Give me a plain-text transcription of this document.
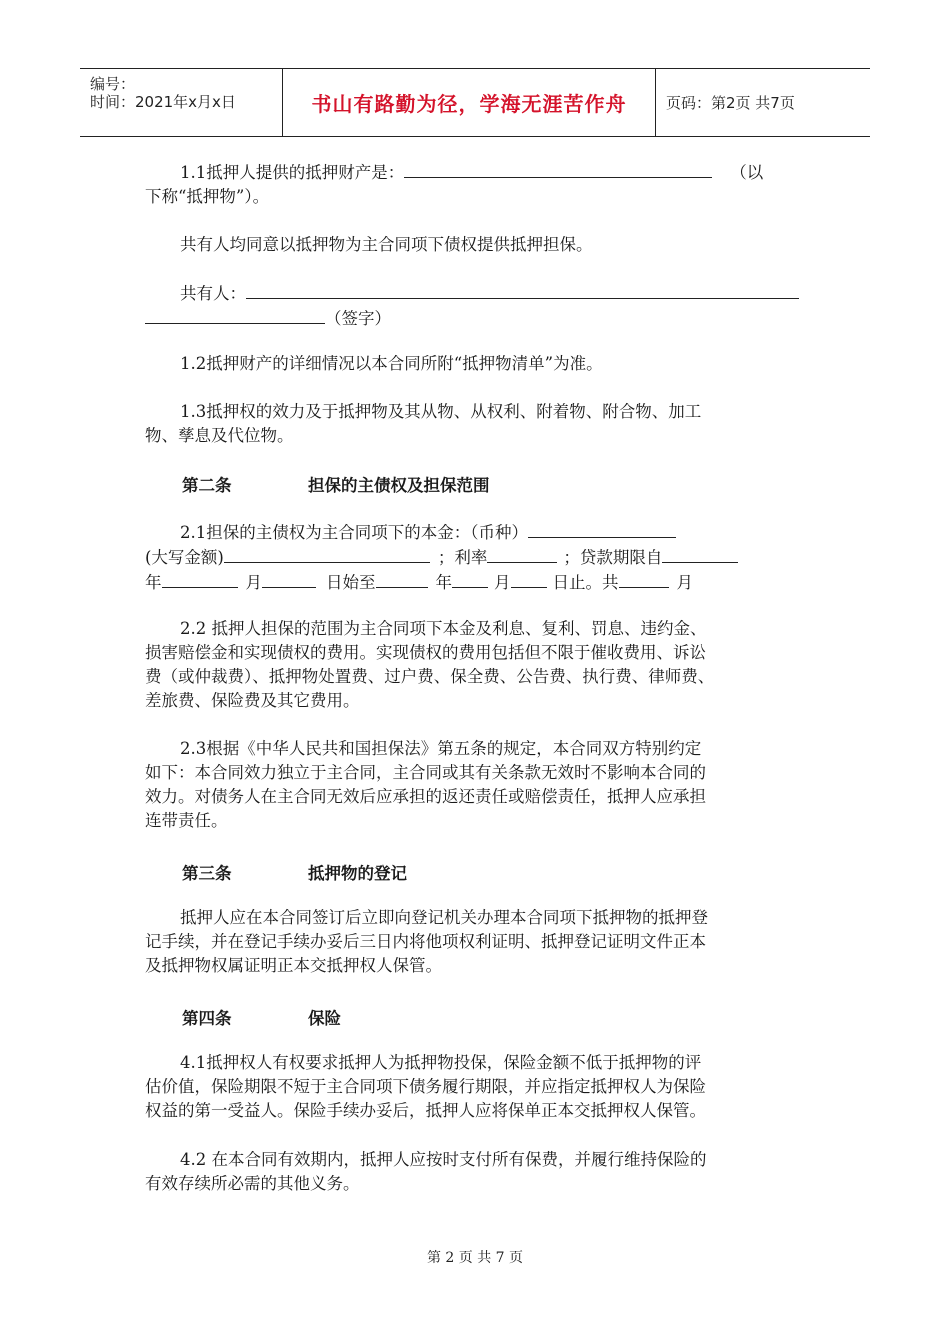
编号：
时间：2021年x月x日	书山有路勤为径，学海无涯苦作舟	页码：第2页 共7页
1.1抵押人提供的抵押财产是：	（以
下称“抵押物”）。
共有人均同意以抵押物为主合同项下债权提供抵押担保。
共有人：
（签字）
1.2抵押财产的详细情况以本合同所附“抵押物清单”为准。
1.3抵押权的效力及于抵押物及其从物、从权利、附着物、附合物、加工
物、孳息及代位物。
第二条	担保的主债权及担保范围
2.1担保的主债权为主合同项下的本金：（币种）
(大写金额)	；利率	；贷款期限自
年	月	日始至	年	月	日止。共	月
2.2 抵押人担保的范围为主合同项下本金及利息、复利、罚息、违约金、
损害赔偿金和实现债权的费用。实现债权的费用包括但不限于催收费用、诉讼
费（或仲裁费）、抵押物处置费、过户费、保全费、公告费、执行费、律师费、
差旅费、保险费及其它费用。
2.3根据《中华人民共和国担保法》第五条的规定，本合同双方特别约定
如下：本合同效力独立于主合同，主合同或其有关条款无效时不影响本合同的
效力。对债务人在主合同无效后应承担的返还责任或赔偿责任，抵押人应承担
连带责任。
第三条	抵押物的登记
抵押人应在本合同签订后立即向登记机关办理本合同项下抵押物的抵押登
记手续，并在登记手续办妥后三日内将他项权利证明、抵押登记证明文件正本
及抵押物权属证明正本交抵押权人保管。
第四条	保险
4.1抵押权人有权要求抵押人为抵押物投保，保险金额不低于抵押物的评
估价值，保险期限不短于主合同项下债务履行期限，并应指定抵押权人为保险
权益的第一受益人。保险手续办妥后，抵押人应将保单正本交抵押权人保管。
4.2 在本合同有效期内，抵押人应按时支付所有保费，并履行维持保险的
有效存续所必需的其他义务。
第 2 页 共 7 页
